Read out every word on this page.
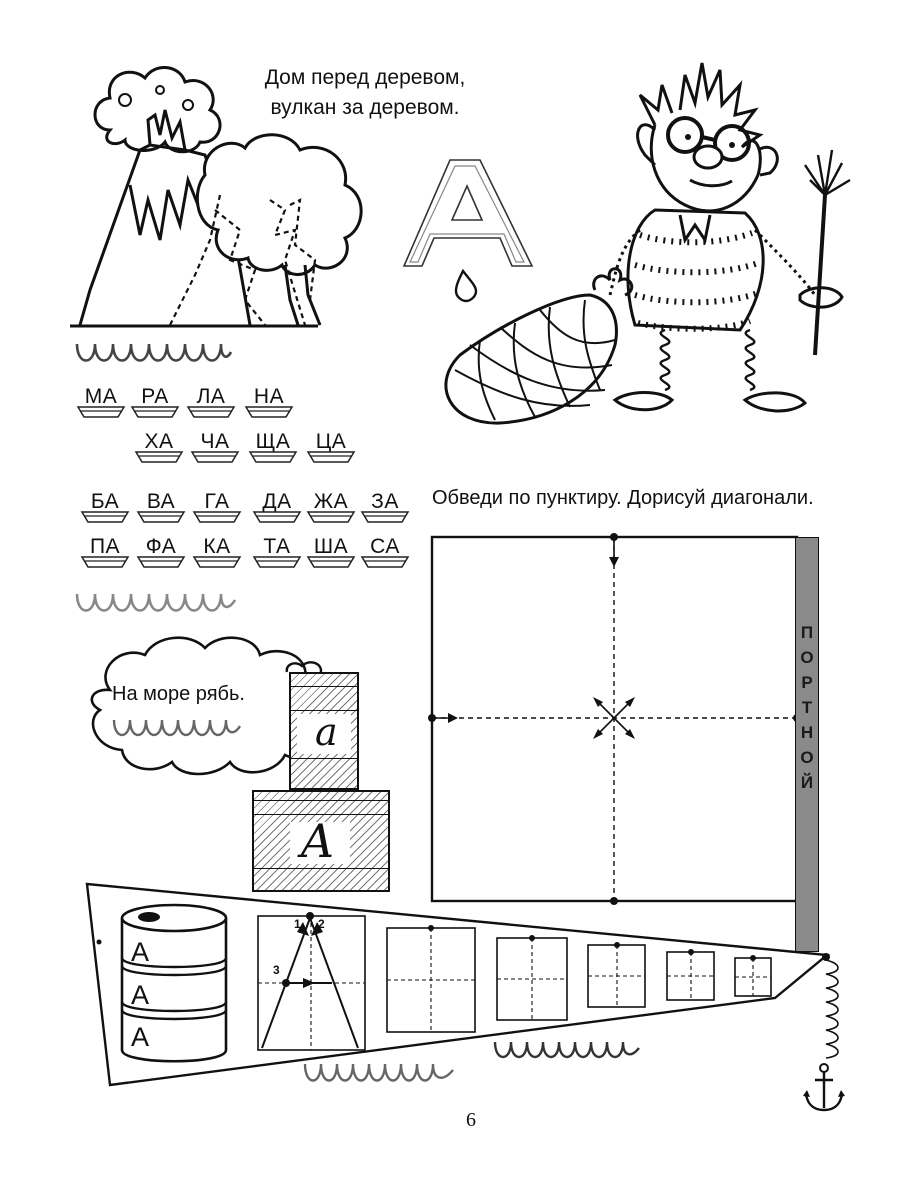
Дом перед деревом,
вулкан за деревом.
МА	РА	ЛА	НА
ХА	ЧА	ЩА	ЦА
БА	ВА	ГА	ДА	ЖА	ЗА
ПА	ФА	КА	ТА	ША	СА
Обведи по пунктиру. Дорисуй диагонали.
П
О
Р
Т
Н
О
Й
На море рябь.
а
А
1 2
3
А
А
А
6
